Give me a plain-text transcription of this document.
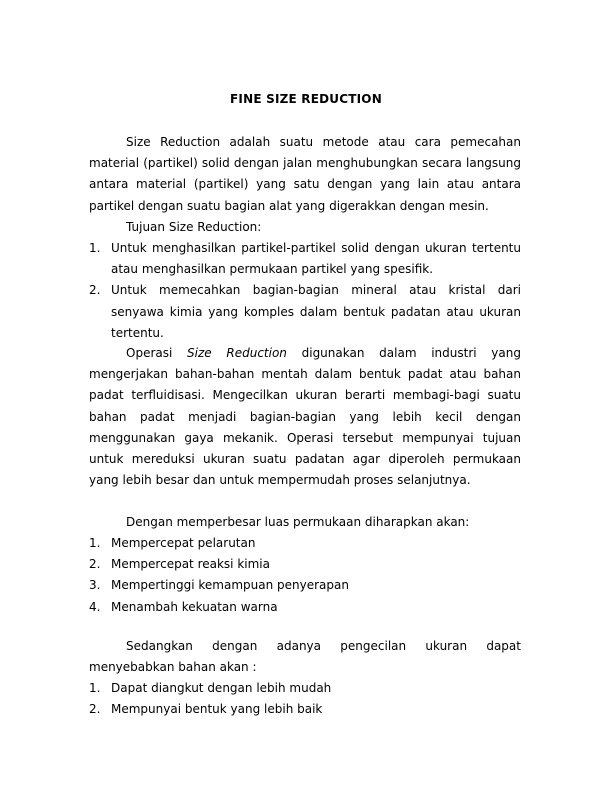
FINE SIZE REDUCTION
Size Reduction adalah suatu metode atau cara pemecahan
material (partikel) solid dengan jalan menghubungkan secara langsung
antara material (partikel) yang satu dengan yang lain atau antara
partikel dengan suatu bagian alat yang digerakkan dengan mesin.
Tujuan Size Reduction:
1. Untuk menghasilkan partikel-partikel solid dengan ukuran tertentu
atau menghasilkan permukaan partikel yang spesifik.
2. Untuk memecahkan bagian-bagian mineral atau kristal dari
senyawa kimia yang komples dalam bentuk padatan atau ukuran
tertentu.
Operasi Size Reduction digunakan dalam industri yang
mengerjakan bahan-bahan mentah dalam bentuk padat atau bahan
padat terfluidisasi. Mengecilkan ukuran berarti membagi-bagi suatu
bahan padat menjadi bagian-bagian yang lebih kecil dengan
menggunakan gaya mekanik. Operasi tersebut mempunyai tujuan
untuk mereduksi ukuran suatu padatan agar diperoleh permukaan
yang lebih besar dan untuk mempermudah proses selanjutnya.
Dengan memperbesar luas permukaan diharapkan akan:
1. Mempercepat pelarutan
2. Mempercepat reaksi kimia
3. Mempertinggi kemampuan penyerapan
4. Menambah kekuatan warna
Sedangkan dengan adanya pengecilan ukuran dapat
menyebabkan bahan akan :
1. Dapat diangkut dengan lebih mudah
2. Mempunyai bentuk yang lebih baik
